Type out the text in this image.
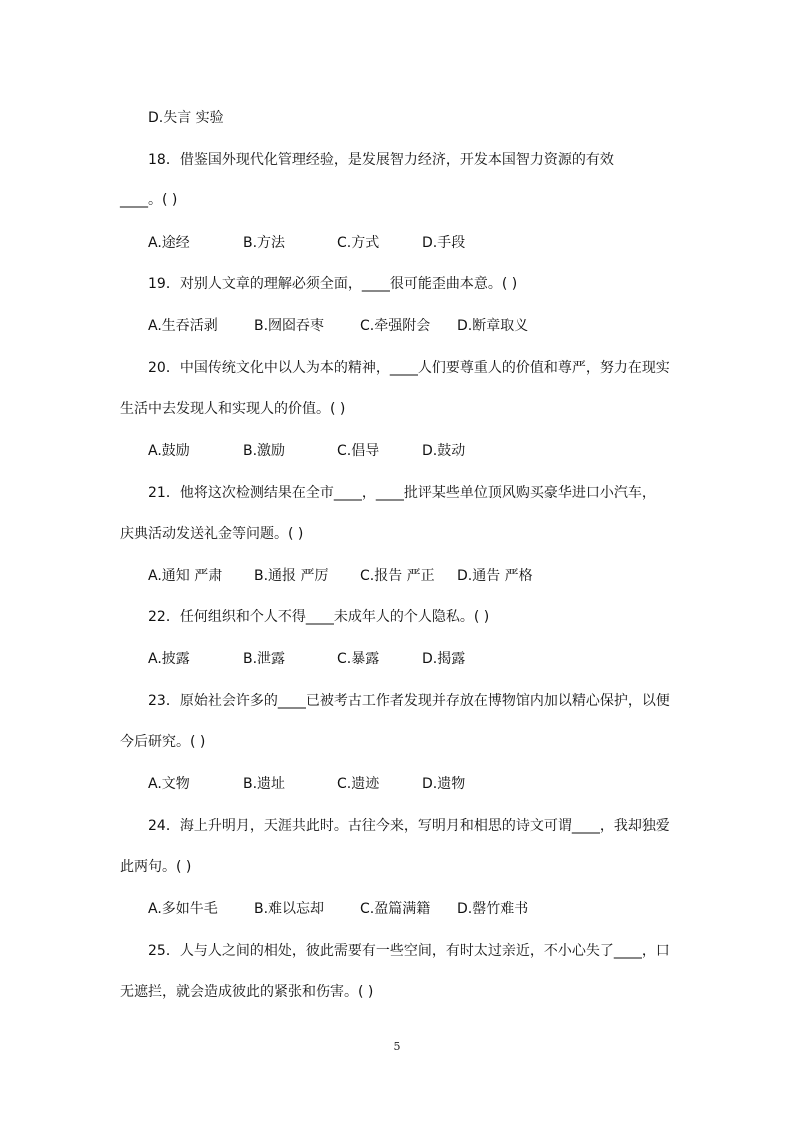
D.失言 实验
18．借鉴国外现代化管理经验，是发展智力经济，开发本国智力资源的有效
____。( )
A.途经	B.方法	C.方式	D.手段
19．对别人文章的理解必须全面，____很可能歪曲本意。( )
A.生吞活剥	B.囫囵吞枣	C.牵强附会 D.断章取义
20．中国传统文化中以人为本的精神，____人们要尊重人的价值和尊严，努力在现实
生活中去发现人和实现人的价值。( )
A.鼓励	B.激励	C.倡导	D.鼓动
21．他将这次检测结果在全市____，____批评某些单位顶风购买豪华进口小汽车，
庆典活动发送礼金等问题。( )
A.通知 严肃 B.通报 严厉 C.报告 严正 D.通告 严格
22．任何组织和个人不得____未成年人的个人隐私。( )
A.披露	B.泄露	C.暴露	D.揭露
23．原始社会许多的____已被考古工作者发现并存放在博物馆内加以精心保护，以便
今后研究。( )
A.文物	B.遗址	C.遗迹	D.遗物
24．海上升明月，天涯共此时。古往今来，写明月和相思的诗文可谓____，我却独爱
此两句。( )
A.多如牛毛	B.难以忘却	C.盈篇满籍 D.罄竹难书
25．人与人之间的相处，彼此需要有一些空间，有时太过亲近，不小心失了____，口
无遮拦，就会造成彼此的紧张和伤害。( )
5
